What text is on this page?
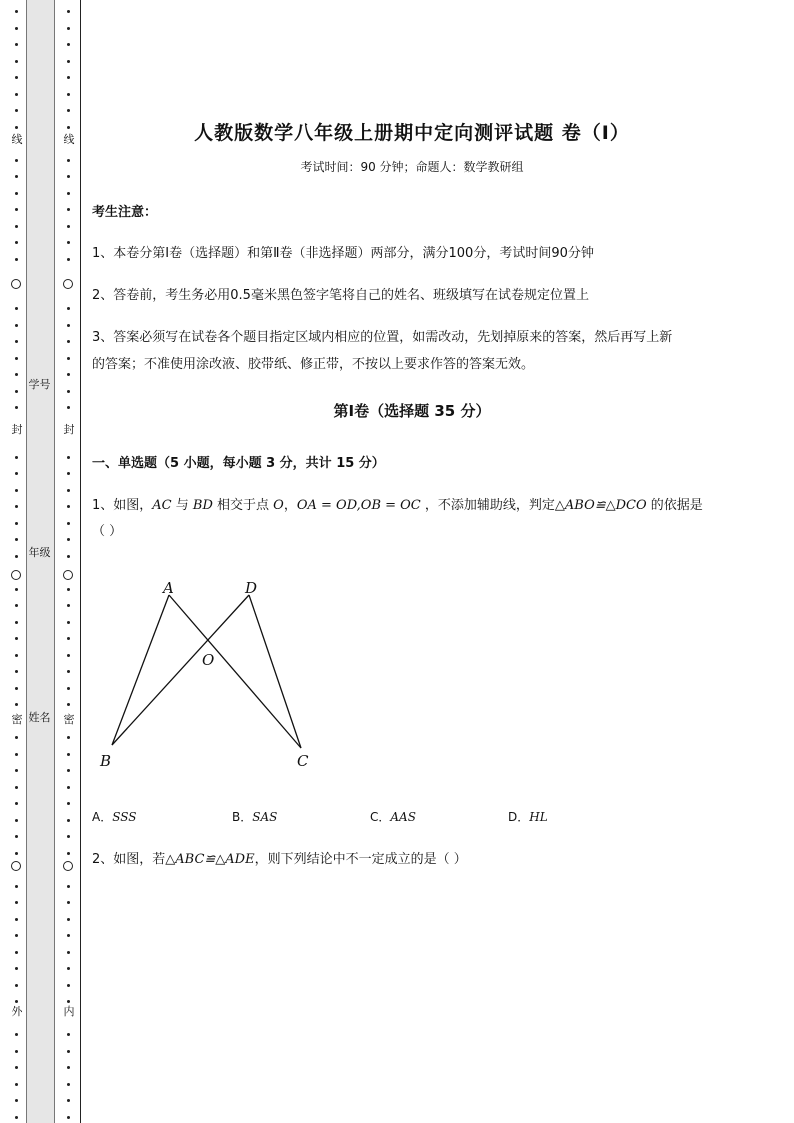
线
封
密
外
线
封
密
内
学号
年级
姓名
人教版数学八年级上册期中定向测评试题 卷（Ⅰ）
考试时间：90 分钟；命题人：数学教研组
考生注意：
1、本卷分第Ⅰ卷（选择题）和第Ⅱ卷（非选择题）两部分，满分100分，考试时间90分钟
2、答卷前，考生务必用0.5毫米黑色签字笔将自己的姓名、班级填写在试卷规定位置上
3、答案必须写在试卷各个题目指定区域内相应的位置，如需改动，先划掉原来的答案，然后再写上新
的答案；不准使用涂改液、胶带纸、修正带，不按以上要求作答的答案无效。
第Ⅰ卷（选择题 35 分）
一、单选题（5 小题，每小题 3 分，共计 15 分）
1、如图，AC 与 BD 相交于点 O，OA = OD,OB = OC ，不添加辅助线，判定△ABO≌△DCO 的依据是
（ ）
A	D
O
B	C
A．SSS	B．SAS	C．AAS	D．HL
2、如图，若△ABC≌△ADE，则下列结论中不一定成立的是（ ）
